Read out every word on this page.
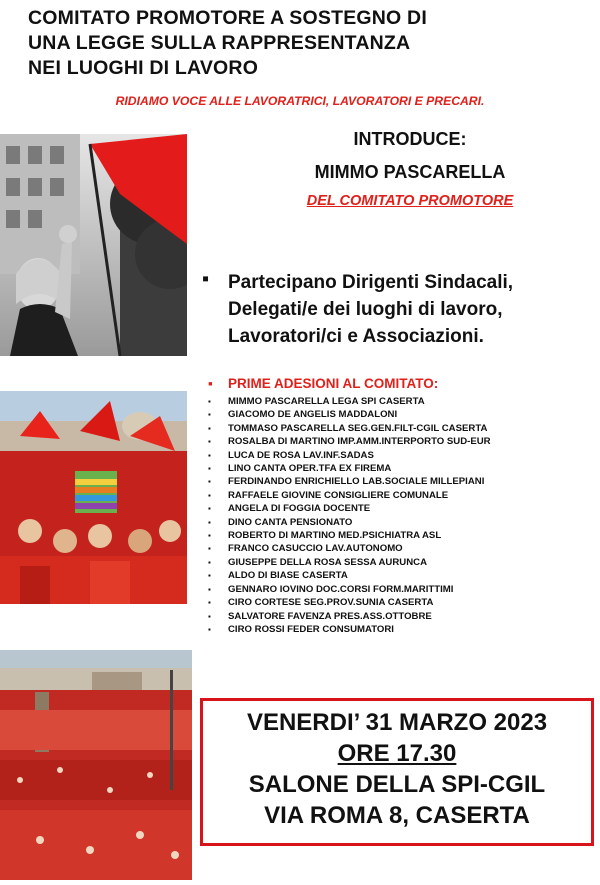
COMITATO PROMOTORE A SOSTEGNO DI
UNA LEGGE SULLA RAPPRESENTANZA
NEI LUOGHI DI LAVORO
RIDIAMO VOCE ALLE LAVORATRICI, LAVORATORI E PRECARI.
INTRODUCE:
MIMMO PASCARELLA
DEL COMITATO PROMOTORE
▪ Partecipano Dirigenti Sindacali,
Delegati/e dei luoghi di lavoro,
Lavoratori/ci e Associazioni.
▪ PRIME ADESIONI AL COMITATO:
▪ MIMMO PASCARELLA LEGA SPI CASERTA
▪ GIACOMO DE ANGELIS MADDALONI
▪ TOMMASO PASCARELLA SEG.GEN.FILT-CGIL CASERTA
▪ ROSALBA DI MARTINO IMP.AMM.INTERPORTO SUD-EUR
▪ LUCA DE ROSA LAV.INF.SADAS
▪ LINO CANTA OPER.TFA EX FIREMA
▪ FERDINANDO ENRICHIELLO LAB.SOCIALE MILLEPIANI
▪ RAFFAELE GIOVINE CONSIGLIERE COMUNALE
▪ ANGELA DI FOGGIA DOCENTE
▪ DINO CANTA PENSIONATO
▪ ROBERTO DI MARTINO MED.PSICHIATRA ASL
▪ FRANCO CASUCCIO LAV.AUTONOMO
▪ GIUSEPPE DELLA ROSA SESSA AURUNCA
▪ ALDO DI BIASE CASERTA
▪ GENNARO IOVINO DOC.CORSI FORM.MARITTIMI
▪ CIRO CORTESE SEG.PROV.SUNIA CASERTA
▪ SALVATORE FAVENZA PRES.ASS.OTTOBRE
▪ CIRO ROSSI FEDER CONSUMATORI
VENERDI’ 31 MARZO 2023
ORE 17.30
SALONE DELLA SPI-CGIL
VIA ROMA 8, CASERTA
